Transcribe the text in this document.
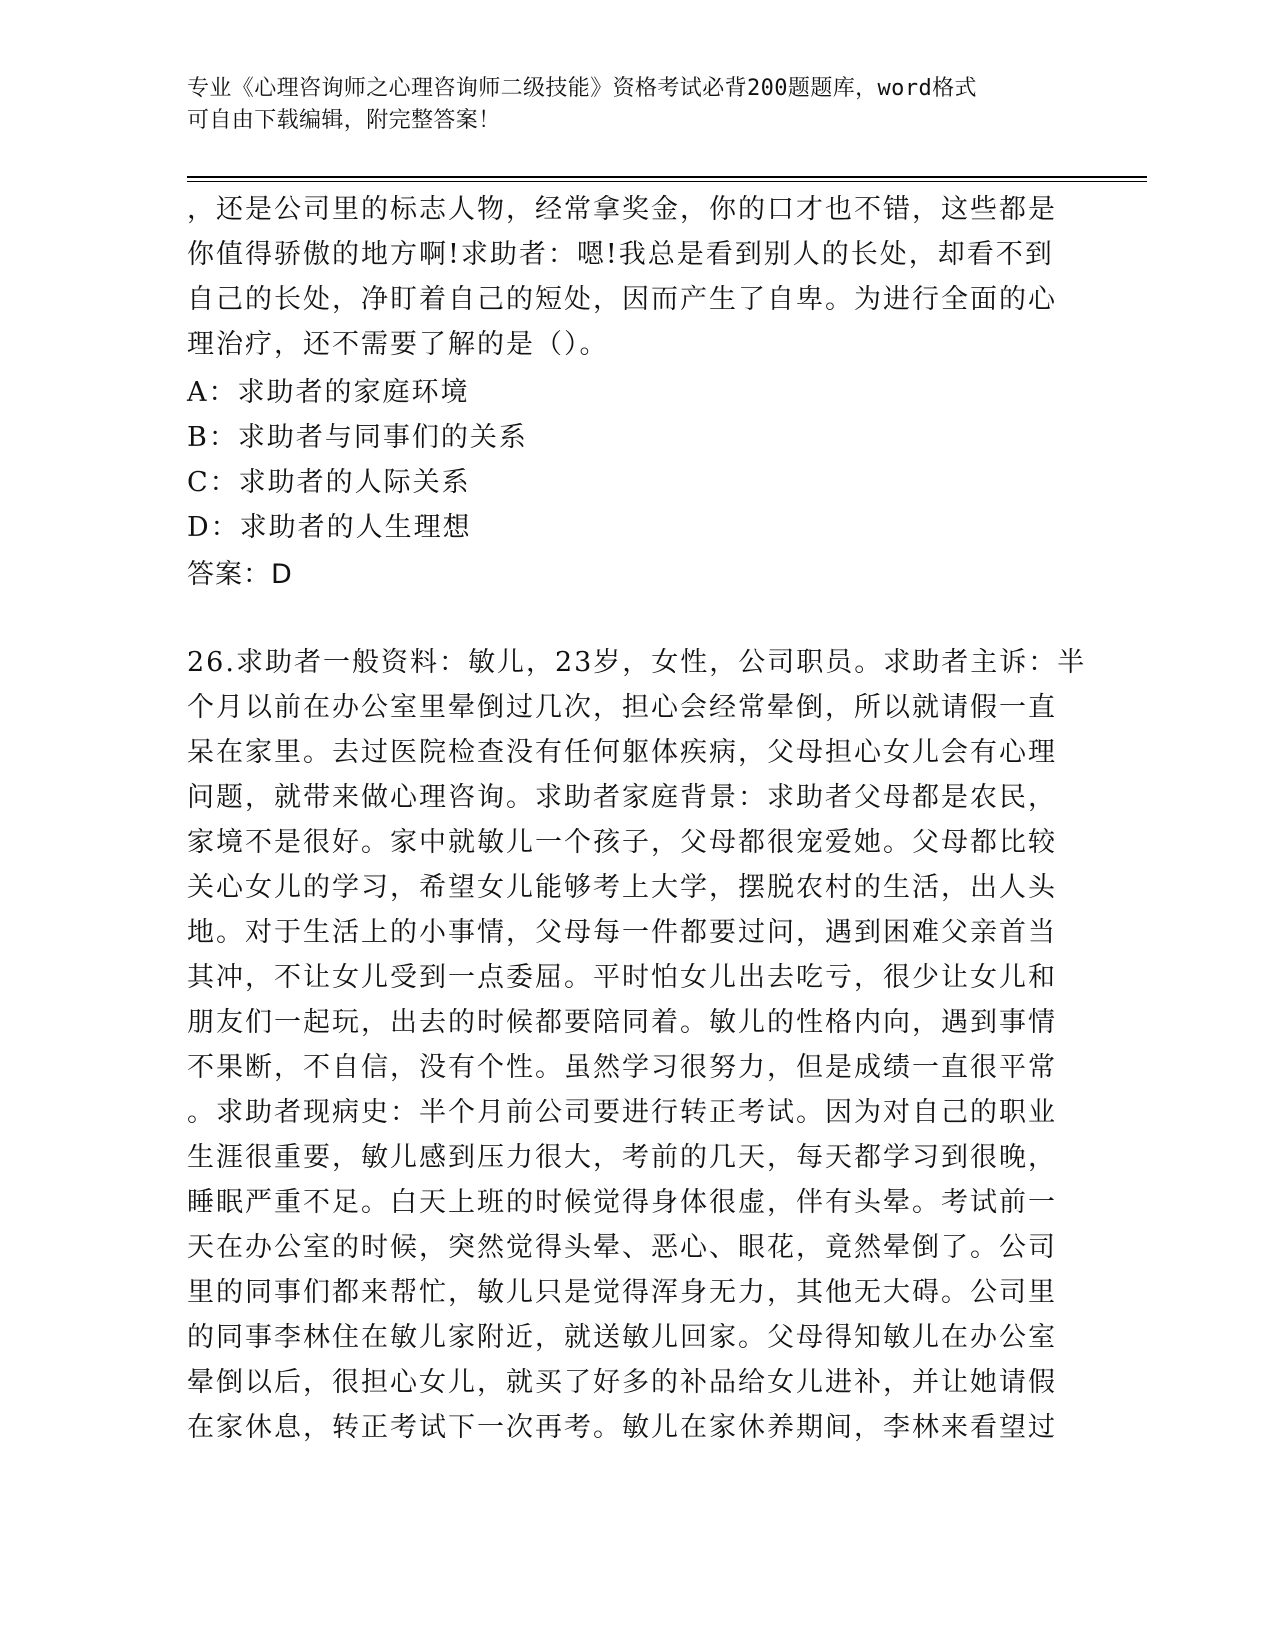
专业《心理咨询师之心理咨询师二级技能》资格考试必背200题题库，word格式
可自由下载编辑，附完整答案！
，还是公司里的标志人物，经常拿奖金，你的口才也不错，这些都是
你值得骄傲的地方啊!求助者：嗯!我总是看到别人的长处，却看不到
自己的长处，净盯着自己的短处，因而产生了自卑。为进行全面的心
理治疗，还不需要了解的是（）。
A：求助者的家庭环境
B：求助者与同事们的关系
C：求助者的人际关系
D：求助者的人生理想
答案：D
26.求助者一般资料：敏儿，23岁，女性，公司职员。求助者主诉：半
个月以前在办公室里晕倒过几次，担心会经常晕倒，所以就请假一直
呆在家里。去过医院检查没有任何躯体疾病，父母担心女儿会有心理
问题，就带来做心理咨询。求助者家庭背景：求助者父母都是农民，
家境不是很好。家中就敏儿一个孩子，父母都很宠爱她。父母都比较
关心女儿的学习，希望女儿能够考上大学，摆脱农村的生活，出人头
地。对于生活上的小事情，父母每一件都要过问，遇到困难父亲首当
其冲，不让女儿受到一点委屈。平时怕女儿出去吃亏，很少让女儿和
朋友们一起玩，出去的时候都要陪同着。敏儿的性格内向，遇到事情
不果断，不自信，没有个性。虽然学习很努力，但是成绩一直很平常
。求助者现病史：半个月前公司要进行转正考试。因为对自己的职业
生涯很重要，敏儿感到压力很大，考前的几天，每天都学习到很晚，
睡眠严重不足。白天上班的时候觉得身体很虚，伴有头晕。考试前一
天在办公室的时候，突然觉得头晕、恶心、眼花，竟然晕倒了。公司
里的同事们都来帮忙，敏儿只是觉得浑身无力，其他无大碍。公司里
的同事李林住在敏儿家附近，就送敏儿回家。父母得知敏儿在办公室
晕倒以后，很担心女儿，就买了好多的补品给女儿进补，并让她请假
在家休息，转正考试下一次再考。敏儿在家休养期间，李林来看望过
